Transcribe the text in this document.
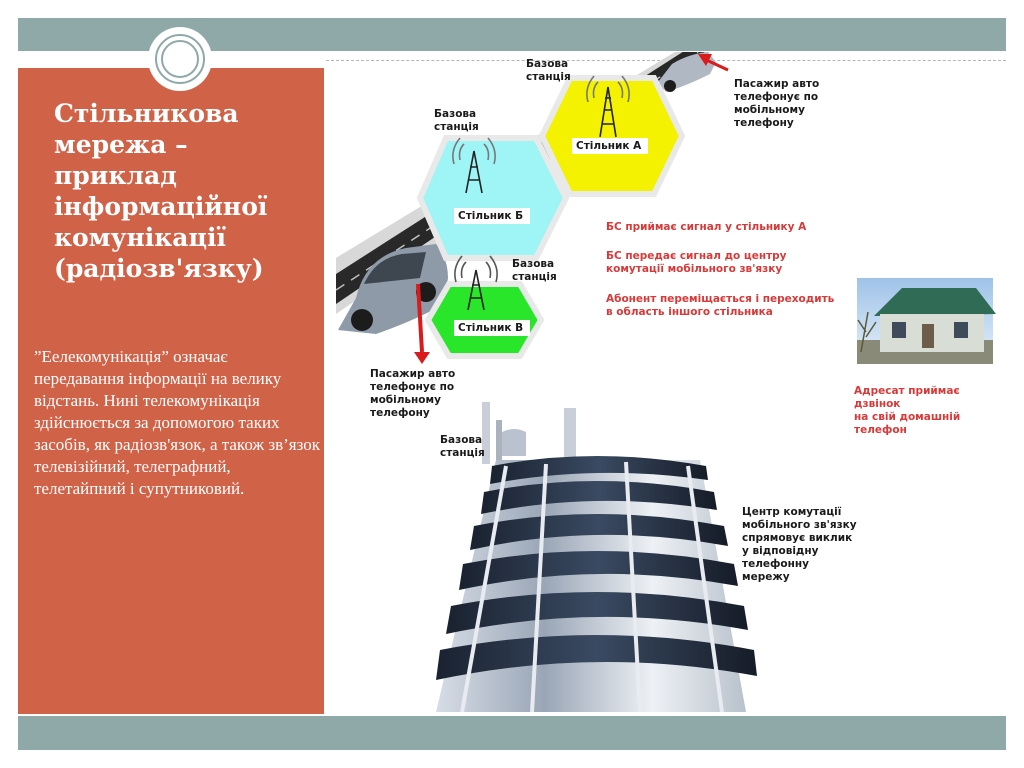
Стільникова мережа – приклад інформаційної комунікації (радіозв'язку)

”Еелекомунікація” означає передавання інформації на велику відстань. Нині телекомунікація здійснюється за допомогою таких засобів, як радіозв'язок, а також зв’язок телевізійний, телеграфний, телетайпний і супутниковий.

Базова
станція
Базова
станція
Базова
станція
Базова
станція
Стільник А
Стільник Б
Стільник В
Пасажир авто
телефонує по
мобільному
телефону
Пасажир авто
телефонує по
мобільному
телефону
БС приймає сигнал у стільнику А
БС передає сигнал до центру
комутації мобільного зв'язку
Абонент переміщається і переходить
в область іншого стільника
Адресат приймає дзвінок
на свій домашній
телефон
Центр комутації
мобільного зв'язку
спрямовує виклик
у відповідну
телефонну
мережу
